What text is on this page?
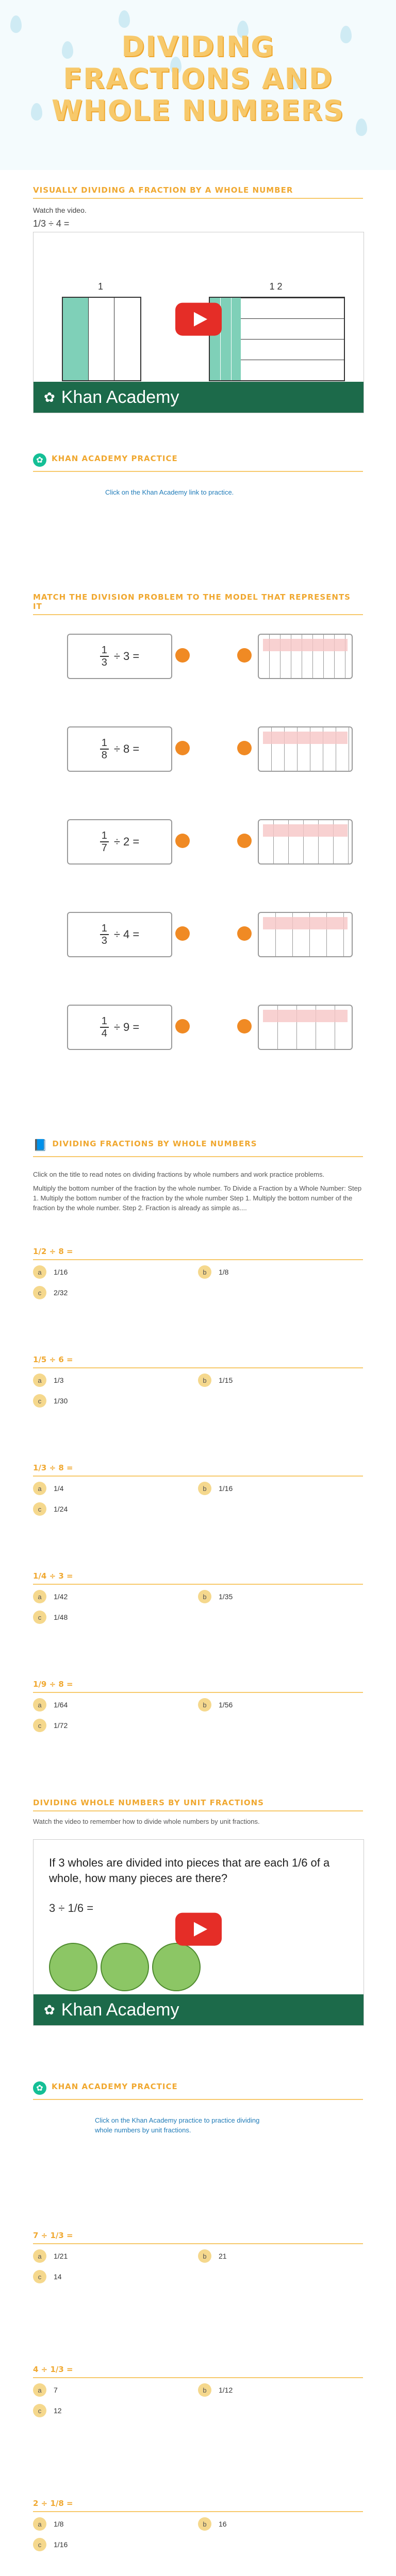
DIVIDING
FRACTIONS AND
WHOLE NUMBERS
VISUALLY DIVIDING A FRACTION BY A WHOLE NUMBER
Watch the video.
1/3 ÷ 4 =
1	1 2
✿ Khan Academy
✿	KHAN ACADEMY PRACTICE
Click on the Khan Academy link to practice.
MATCH THE DIVISION PROBLEM TO THE MODEL THAT REPRESENTS IT
$\frac{1}{3} \div 3$ =
$\frac{1}{8} \div 8$ =
$\frac{1}{7} \div 2$ =
$\frac{1}{3} \div 4$ =
$\frac{1}{4} \div 9$ =
📘 DIVIDING FRACTIONS BY WHOLE NUMBERS
Click on the title to read notes on dividing fractions by whole numbers and work practice problems.
Multiply the bottom number of the fraction by the whole number. To Divide a Fraction by a Whole Number: Step 1. Multiply the bottom number of the fraction by the whole number Step 1. Multiply the bottom number of the fraction by the whole number. Step 2. Fraction is already as simple as....
1/2 ÷ 8 =
a	1/16	b	1/8
c	2/32
1/5 ÷ 6 =
a	1/3	b	1/15
c	1/30
1/3 ÷ 8 =
a	1/4	b	1/16
c	1/24
1/4 ÷ 3 =
a	1/42	b	1/35
c	1/48
1/9 ÷ 8 =
a	1/64	b	1/56
c	1/72
DIVIDING WHOLE NUMBERS BY UNIT FRACTIONS
Watch the video to remember how to divide whole numbers by unit fractions.
If 3 wholes are divided into pieces that are each 1/6 of a whole, how many pieces are there?
3 ÷ 1/6 =
✿ Khan Academy
✿	KHAN ACADEMY PRACTICE
Click on the Khan Academy practice to practice dividing whole numbers by unit fractions.
7 ÷ 1/3 =
a	1/21	b	21
c	14
4 ÷ 1/3 =
a	7	b	1/12
c	12
2 ÷ 1/8 =
a	1/8	b	16
c	1/16
